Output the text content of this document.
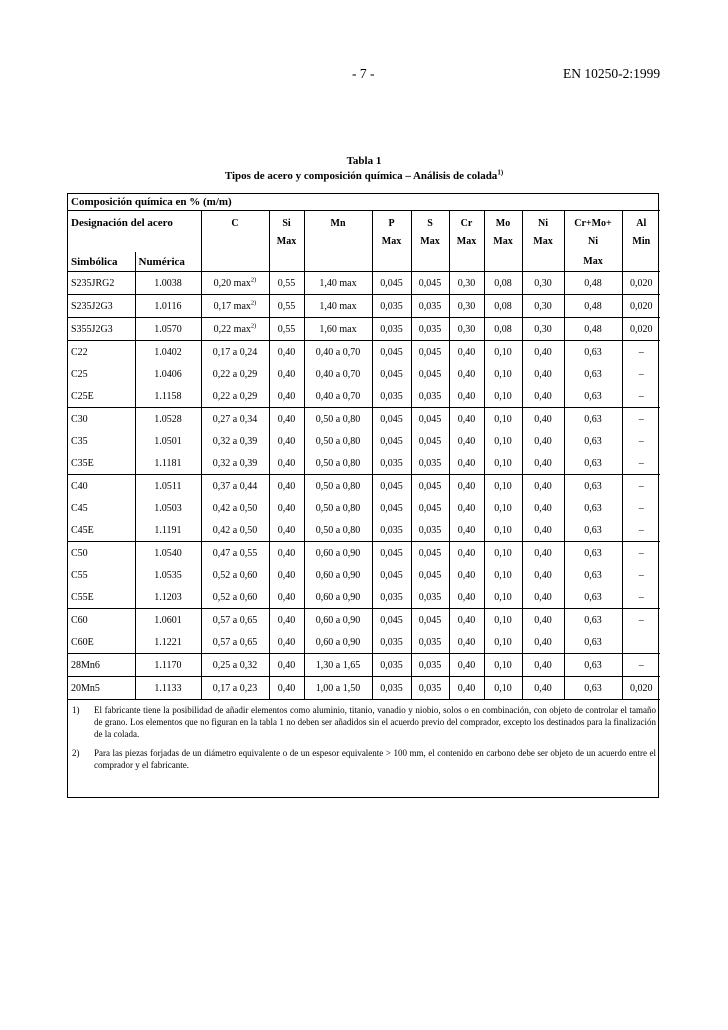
- 7 -	EN 10250-2:1999
Tabla 1
Tipos de acero y composición química – Análisis de colada$^{1)}$
Composición química en % (m/m)											
Designación del acero		C	Si	Mn	P	S	Cr	Mo	Ni	Cr+Mo+	Al
			Max		Max	Max	Max	Max	Max	Ni	Min
Simbólica	Numérica									Max	
S235JRG2	1.0038	0,20 $\max^{2)}$	0,55	1,40 max	0,045	0,045	0,30	0,08	0,30	0,48	0,020
S235J2G3	1.0116	0,17 $\max^{2)}$	0,55	1,40 max	0,035	0,035	0,30	0,08	0,30	0,48	0,020
S355J2G3	1.0570	0,22 $\max^{2)}$	0,55	1,60 max	0,035	0,035	0,30	0,08	0,30	0,48	0,020
C22	1.0402	0,17 a 0,24	0,40	0,40 a 0,70	0,045	0,045	0,40	0,10	0,40	0,63	–
C25	1.0406	0,22 a 0,29	0,40	0,40 a 0,70	0,045	0,045	0,40	0,10	0,40	0,63	–
C25E	1.1158	0,22 a 0,29	0,40	0,40 a 0,70	0,035	0,035	0,40	0,10	0,40	0,63	–
C30	1.0528	0,27 a 0,34	0,40	0,50 a 0,80	0,045	0,045	0,40	0,10	0,40	0,63	–
C35	1.0501	0,32 a 0,39	0,40	0,50 a 0,80	0,045	0,045	0,40	0,10	0,40	0,63	–
C35E	1.1181	0,32 a 0,39	0,40	0,50 a 0,80	0,035	0,035	0,40	0,10	0,40	0,63	–
C40	1.0511	0,37 a 0,44	0,40	0,50 a 0,80	0,045	0,045	0,40	0,10	0,40	0,63	–
C45	1.0503	0,42 a 0,50	0,40	0,50 a 0,80	0,045	0,045	0,40	0,10	0,40	0,63	–
C45E	1.1191	0,42 a 0,50	0,40	0,50 a 0,80	0,035	0,035	0,40	0,10	0,40	0,63	–
C50	1.0540	0,47 a 0,55	0,40	0,60 a 0,90	0,045	0,045	0,40	0,10	0,40	0,63	–
C55	1.0535	0,52 a 0,60	0,40	0,60 a 0,90	0,045	0,045	0,40	0,10	0,40	0,63	–
C55E	1.1203	0,52 a 0,60	0,40	0,60 a 0,90	0,035	0,035	0,40	0,10	0,40	0,63	–
C60	1.0601	0,57 a 0,65	0,40	0,60 a 0,90	0,045	0,045	0,40	0,10	0,40	0,63	–
C60E	1.1221	0,57 a 0,65	0,40	0,60 a 0,90	0,035	0,035	0,40	0,10	0,40	0,63	
28Mn6	1.1170	0,25 a 0,32	0,40	1,30 a 1,65	0,035	0,035	0,40	0,10	0,40	0,63	–
20Mn5	1.1133	0,17 a 0,23	0,40	1,00 a 1,50	0,035	0,035	0,40	0,10	0,40	0,63	0,020

1) El fabricante tiene la posibilidad de añadir elementos como aluminio, titanio, vanadio y niobio, solos o en combinación, con objeto de controlar el tamaño de grano. Los elementos que no figuran en la tabla 1 no deben ser añadidos sin el acuerdo previo del comprador, excepto los destinados para la finalización de la colada.											

2) Para las piezas forjadas de un diámetro equivalente o de un espesor equivalente > 100 mm, el contenido en carbono debe ser objeto de un acuerdo entre el comprador y el fabricante.											
